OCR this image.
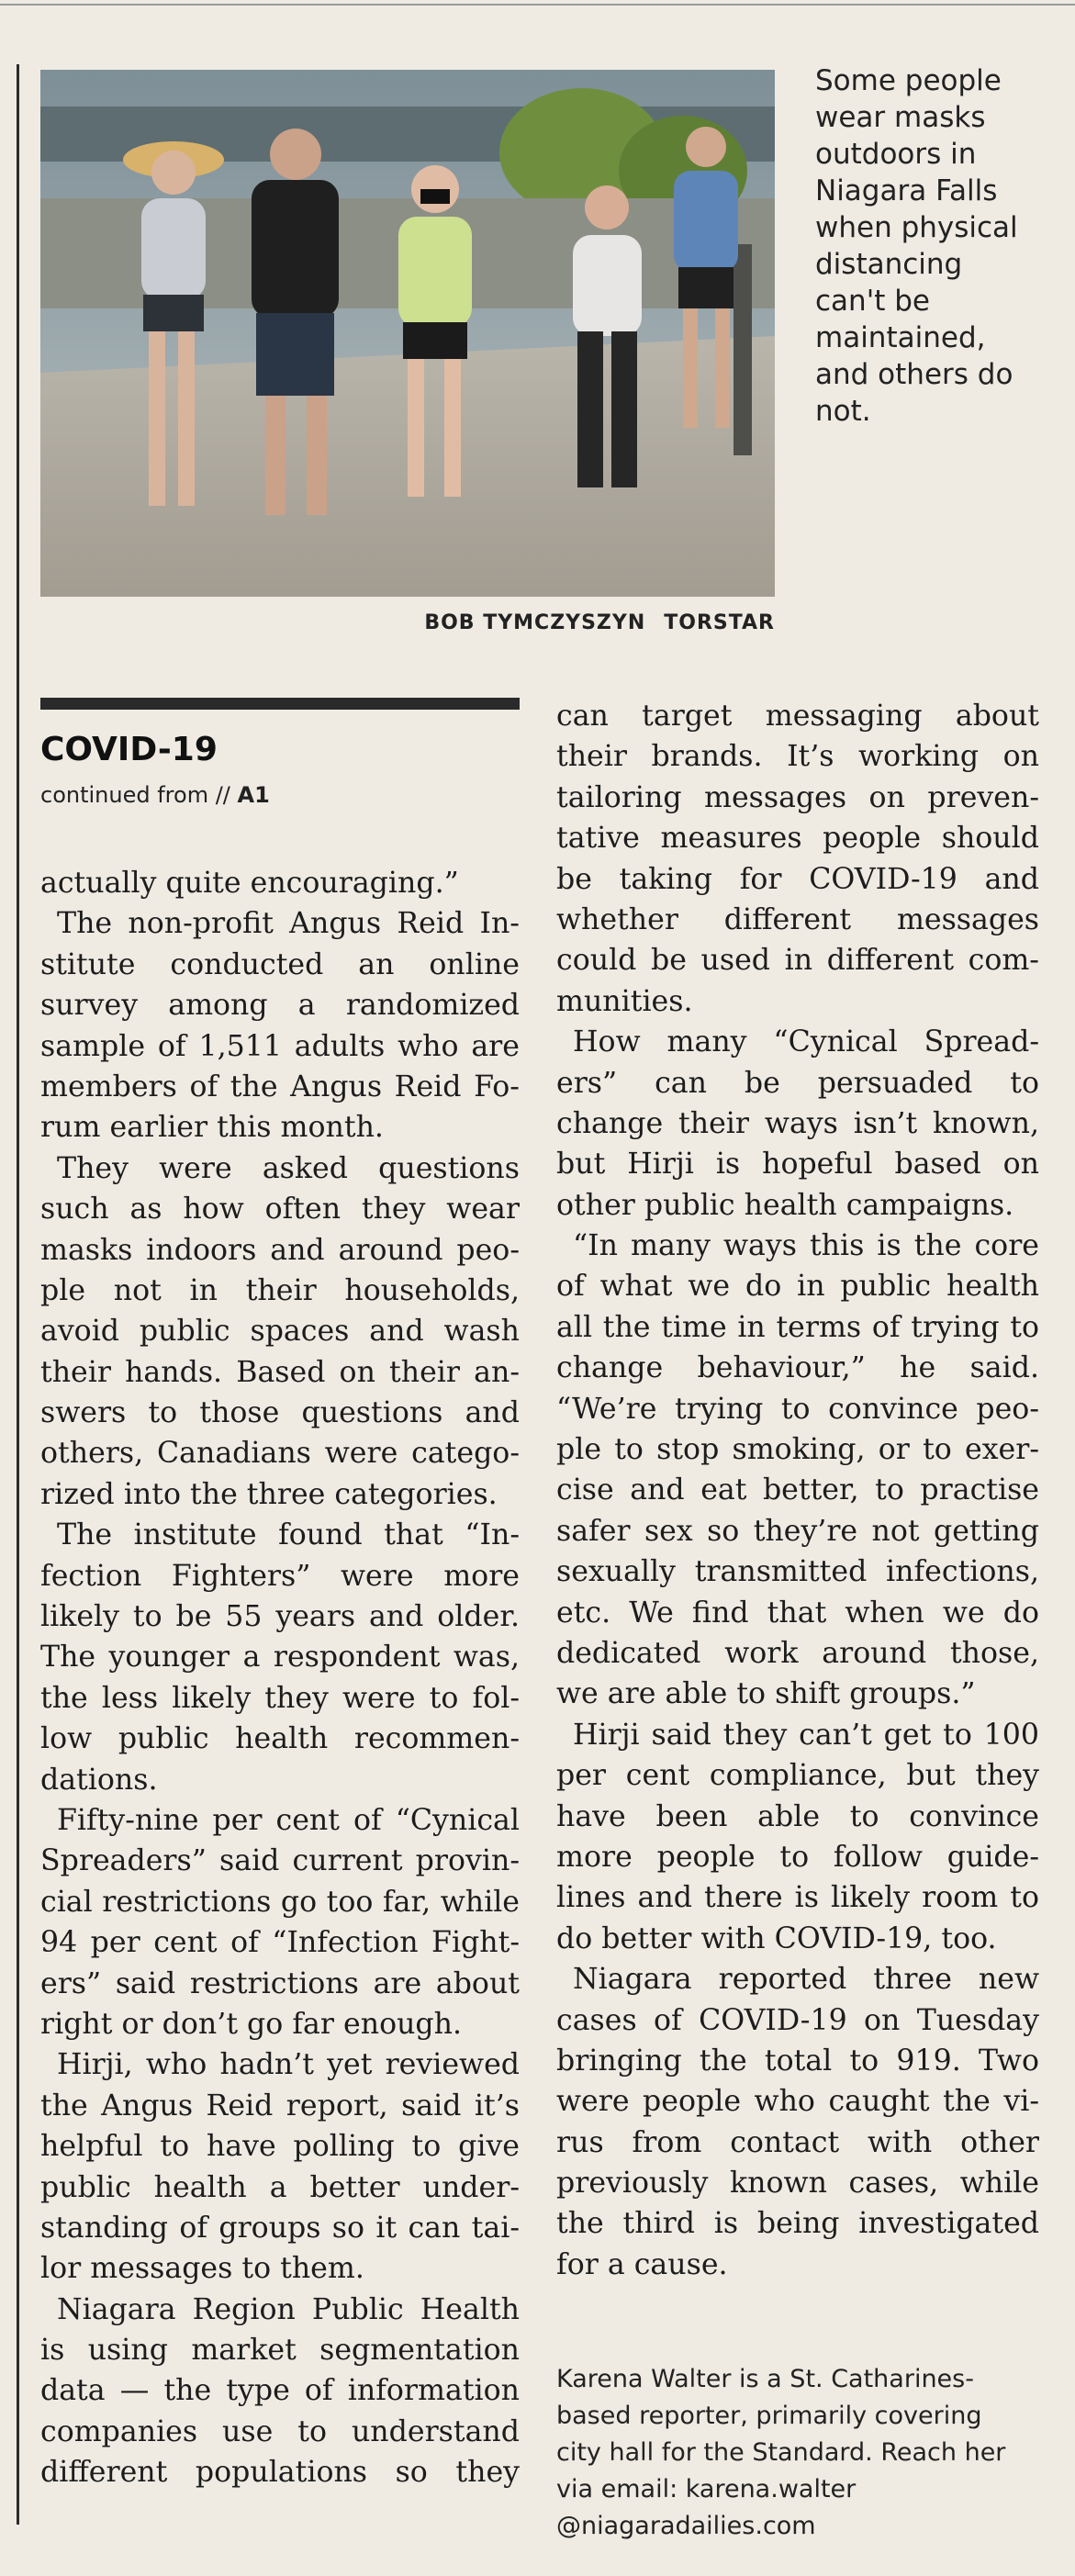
Some people
wear masks
outdoors in
Niagara Falls
when physical
distancing
can't be
maintained,
and others do
not.
BOB TYMCZYSZYN TORSTAR
COVID-19
continued from // A1
actually quite encouraging.”
The non-profit Angus Reid In-
stitute conducted an online
survey among a randomized
sample of 1,511 adults who are
members of the Angus Reid Fo-
rum earlier this month.
They were asked questions
such as how often they wear
masks indoors and around peo-
ple not in their households,
avoid public spaces and wash
their hands. Based on their an-
swers to those questions and
others, Canadians were catego-
rized into the three categories.
The institute found that “In-
fection Fighters” were more
likely to be 55 years and older.
The younger a respondent was,
the less likely they were to fol-
low public health recommen-
dations.
Fifty-nine per cent of “Cynical
Spreaders” said current provin-
cial restrictions go too far, while
94 per cent of “Infection Fight-
ers” said restrictions are about
right or don’t go far enough.
Hirji, who hadn’t yet reviewed
the Angus Reid report, said it’s
helpful to have polling to give
public health a better under-
standing of groups so it can tai-
lor messages to them.
Niagara Region Public Health
is using market segmentation
data — the type of information
companies use to understand
different populations so they
can target messaging about
their brands. It’s working on
tailoring messages on preven-
tative measures people should
be taking for COVID-19 and
whether different messages
could be used in different com-
munities.
How many “Cynical Spread-
ers” can be persuaded to
change their ways isn’t known,
but Hirji is hopeful based on
other public health campaigns.
“In many ways this is the core
of what we do in public health
all the time in terms of trying to
change behaviour,” he said.
“We’re trying to convince peo-
ple to stop smoking, or to exer-
cise and eat better, to practise
safer sex so they’re not getting
sexually transmitted infections,
etc. We find that when we do
dedicated work around those,
we are able to shift groups.”
Hirji said they can’t get to 100
per cent compliance, but they
have been able to convince
more people to follow guide-
lines and there is likely room to
do better with COVID-19, too.
Niagara reported three new
cases of COVID-19 on Tuesday
bringing the total to 919. Two
were people who caught the vi-
rus from contact with other
previously known cases, while
the third is being investigated
for a cause.
Karena Walter is a St. Catharines-
based reporter, primarily covering
city hall for the Standard. Reach her
via email: karena.walter
@niagaradailies.com
